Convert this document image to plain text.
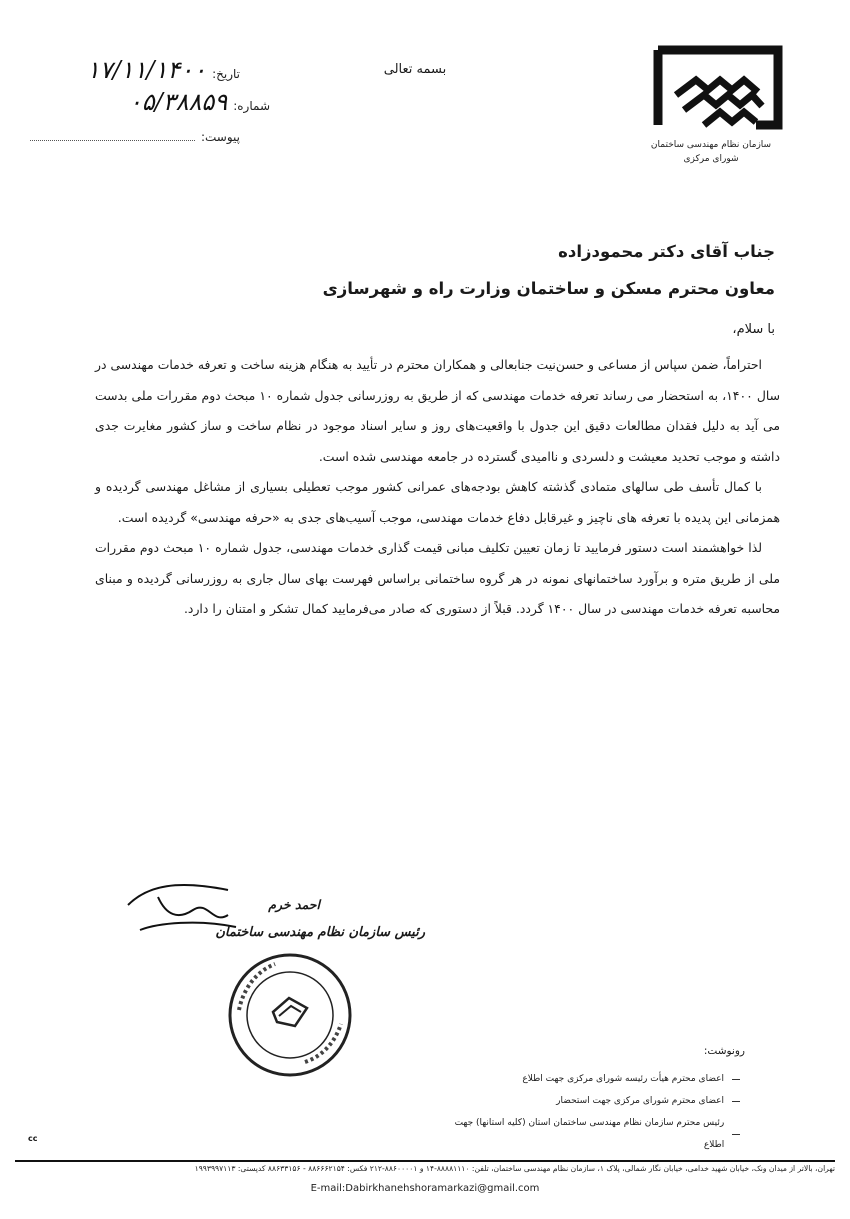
سازمان نظام مهندسی ساختمان
شورای مرکزی
بسمه تعالی
تاریخ:
۱۷/۱۱/۱۴۰۰
شماره:
۰۵/۳۸۸۵۹
پیوست:
جناب آقای دکتر محمودزاده
معاون محترم مسکن و ساختمان وزارت راه و شهرسازی
با سلام،

احتراماً، ضمن سپاس از مساعی و حسن‌نیت جنابعالی و همکاران محترم در تأیید به هنگام هزینه ساخت و تعرفه خدمات مهندسی در سال ۱۴۰۰، به استحضار می رساند تعرفه خدمات مهندسی که از طریق به روزرسانی جدول شماره ۱۰ مبحث دوم مقررات ملی بدست می آید به دلیل فقدان مطالعات دقیق این جدول با واقعیت‌های روز و سایر اسناد موجود در نظام ساخت و ساز کشور مغایرت جدی داشته و موجب تحدید معیشت و دلسردی و ناامیدی گسترده در جامعه مهندسی شده است.

با کمال تأسف طی سالهای متمادی گذشته کاهش بودجه‌های عمرانی کشور موجب تعطیلی بسیاری از مشاغل مهندسی گردیده و همزمانی این پدیده با تعرفه های ناچیز و غیرقابل دفاع خدمات مهندسی، موجب آسیب‌های جدی به «حرفه مهندسی» گردیده است.

لذا خواهشمند است دستور فرمایید تا زمان تعیین تکلیف مبانی قیمت گذاری خدمات مهندسی، جدول شماره ۱۰ مبحث دوم مقررات ملی از طریق متره و برآورد ساختمانهای نمونه در هر گروه ساختمانی براساس فهرست بهای سال جاری به روزرسانی گردیده و مبنای محاسبه تعرفه خدمات مهندسی در سال ۱۴۰۰ گردد. قبلاً از دستوری که صادر می‌فرمایید کمال تشکر و امتنان را دارد.

احمد خرم
رئیس سازمان نظام مهندسی ساختمان
رونوشت:
اعضای محترم هیأت رئیسه شورای مرکزی جهت اطلاع
اعضای محترم شورای مرکزی جهت استحضار
رئیس محترم سازمان نظام مهندسی ساختمان استان (کلیه استانها) جهت اطلاع
cc
تهران، بالاتر از میدان ونک، خیابان شهید خدامی، خیابان نگار شمالی، پلاک ۱، سازمان نظام مهندسی ساختمان، تلفن: ۸۸۸۸۱۱۱۰-۱۴ و ۸۸۶۰۰۰۰۱-۲۱۲ فکس: ۸۸۶۶۶۲۱۵۴ - ۸۸۶۳۳۱۵۶ کدپستی: ۱۹۹۳۹۹۷۱۱۳
E-mail:Dabirkhanehshoramarkazi@gmail.com
